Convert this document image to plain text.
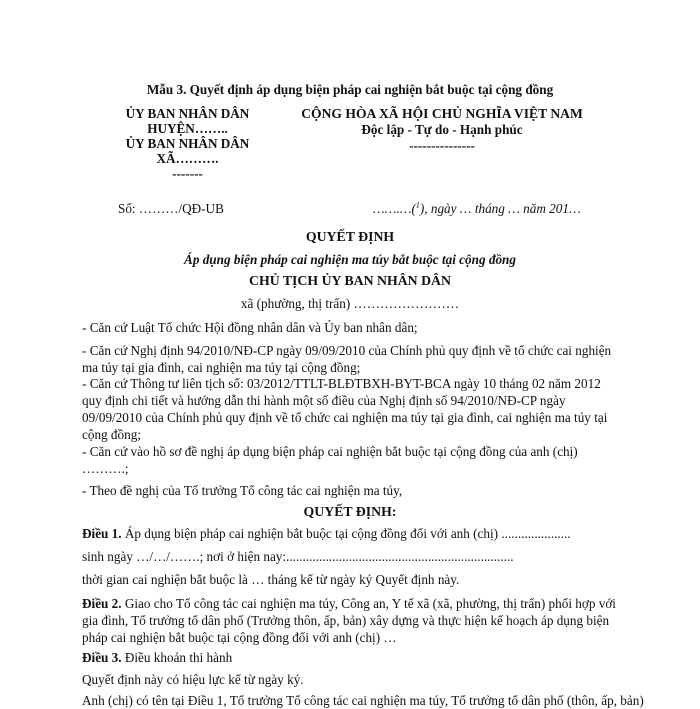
Mẫu 3. Quyết định áp dụng biện pháp cai nghiện bắt buộc tại cộng đồng
ỦY BAN NHÂN DÂN
HUYỆN……..
ỦY BAN NHÂN DÂN
XÃ……….
-------
CỘNG HÒA XÃ HỘI CHỦ NGHĨA VIỆT NAM
Độc lập - Tự do - Hạnh phúc
---------------
Số: ………/QĐ-UB	…….…($^1$), ngày … tháng … năm 201…
QUYẾT ĐỊNH
Áp dụng biện pháp cai nghiện ma túy bắt buộc tại cộng đồng
CHỦ TỊCH ỦY BAN NHÂN DÂN
xã (phường, thị trấn) ……………………
- Căn cứ Luật Tổ chức Hội đồng nhân dân và Ủy ban nhân dân;
- Căn cứ Nghị định 94/2010/NĐ-CP ngày 09/09/2010 của Chính phủ quy định về tổ chức cai nghiện ma túy tại gia đình, cai nghiện ma túy tại cộng đồng;
- Căn cứ Thông tư liên tịch số: 03/2012/TTLT-BLĐTBXH-BYT-BCA ngày 10 tháng 02 năm 2012 quy định chi tiết và hướng dẫn thi hành một số điều của Nghị định số 94/2010/NĐ-CP ngày 09/09/2010 của Chính phủ quy định về tổ chức cai nghiện ma túy tại gia đình, cai nghiện ma túy tại cộng đồng;
- Căn cứ vào hồ sơ đề nghị áp dụng biện pháp cai nghiện bắt buộc tại cộng đồng của anh (chị) ……….;
- Theo đề nghị của Tổ trưởng Tổ công tác cai nghiện ma túy,
QUYẾT ĐỊNH:
Điều 1. Áp dụng biện pháp cai nghiện bắt buộc tại cộng đồng đối với anh (chị) .....................
sinh ngày …/…/…….; nơi ở hiện nay:.....................................................................
thời gian cai nghiện bắt buộc là … tháng kể từ ngày ký Quyết định này.
Điều 2. Giao cho Tổ công tác cai nghiện ma túy, Công an, Y tế xã (xã, phường, thị trấn) phối hợp với gia đình, Tổ trưởng tổ dân phố (Trưởng thôn, ấp, bản) xây dựng và thực hiện kế hoạch áp dụng biện pháp cai nghiện bắt buộc tại cộng đồng đối với anh (chị) …
Điều 3. Điều khoản thi hành
Quyết định này có hiệu lực kể từ ngày ký.
Anh (chị) có tên tại Điều 1, Tổ trưởng Tổ công tác cai nghiện ma túy, Tổ trưởng tổ dân phố (thôn, ấp, bản)
